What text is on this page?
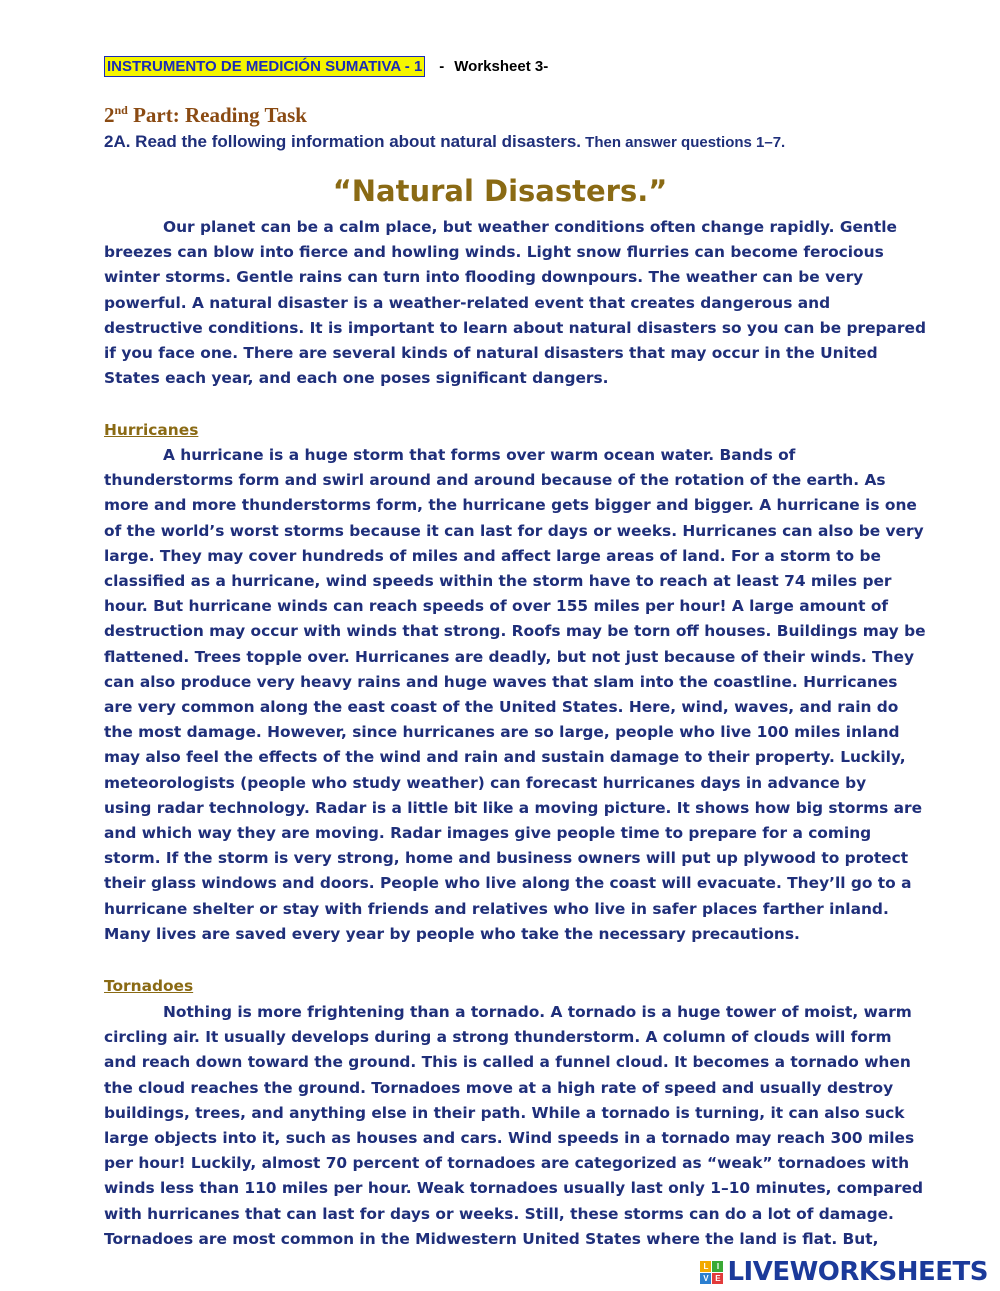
INSTRUMENTO DE MEDICIÓN SUMATIVA - 1 - Worksheet 3-
2nd Part: Reading Task
2A. Read the following information about natural disasters. Then answer questions 1–7.
“Natural Disasters.”
Our planet can be a calm place, but weather conditions often change rapidly. Gentle
breezes can blow into fierce and howling winds. Light snow flurries can become ferocious
winter storms. Gentle rains can turn into flooding downpours. The weather can be very
powerful. A natural disaster is a weather-related event that creates dangerous and
destructive conditions. It is important to learn about natural disasters so you can be prepared
if you face one. There are several kinds of natural disasters that may occur in the United
States each year, and each one poses significant dangers.
Hurricanes
A hurricane is a huge storm that forms over warm ocean water. Bands of
thunderstorms form and swirl around and around because of the rotation of the earth. As
more and more thunderstorms form, the hurricane gets bigger and bigger. A hurricane is one
of the world’s worst storms because it can last for days or weeks. Hurricanes can also be very
large. They may cover hundreds of miles and affect large areas of land. For a storm to be
classified as a hurricane, wind speeds within the storm have to reach at least 74 miles per
hour. But hurricane winds can reach speeds of over 155 miles per hour! A large amount of
destruction may occur with winds that strong. Roofs may be torn off houses. Buildings may be
flattened. Trees topple over. Hurricanes are deadly, but not just because of their winds. They
can also produce very heavy rains and huge waves that slam into the coastline. Hurricanes
are very common along the east coast of the United States. Here, wind, waves, and rain do
the most damage. However, since hurricanes are so large, people who live 100 miles inland
may also feel the effects of the wind and rain and sustain damage to their property. Luckily,
meteorologists (people who study weather) can forecast hurricanes days in advance by
using radar technology. Radar is a little bit like a moving picture. It shows how big storms are
and which way they are moving. Radar images give people time to prepare for a coming
storm. If the storm is very strong, home and business owners will put up plywood to protect
their glass windows and doors. People who live along the coast will evacuate. They’ll go to a
hurricane shelter or stay with friends and relatives who live in safer places farther inland.
Many lives are saved every year by people who take the necessary precautions.
Tornadoes
Nothing is more frightening than a tornado. A tornado is a huge tower of moist, warm
circling air. It usually develops during a strong thunderstorm. A column of clouds will form
and reach down toward the ground. This is called a funnel cloud. It becomes a tornado when
the cloud reaches the ground. Tornadoes move at a high rate of speed and usually destroy
buildings, trees, and anything else in their path. While a tornado is turning, it can also suck
large objects into it, such as houses and cars. Wind speeds in a tornado may reach 300 miles
per hour! Luckily, almost 70 percent of tornadoes are categorized as “weak” tornadoes with
winds less than 110 miles per hour. Weak tornadoes usually last only 1–10 minutes, compared
with hurricanes that can last for days or weeks. Still, these storms can do a lot of damage.
Tornadoes are most common in the Midwestern United States where the land is flat. But,
L	I
V E LIVEWORKSHEETS
